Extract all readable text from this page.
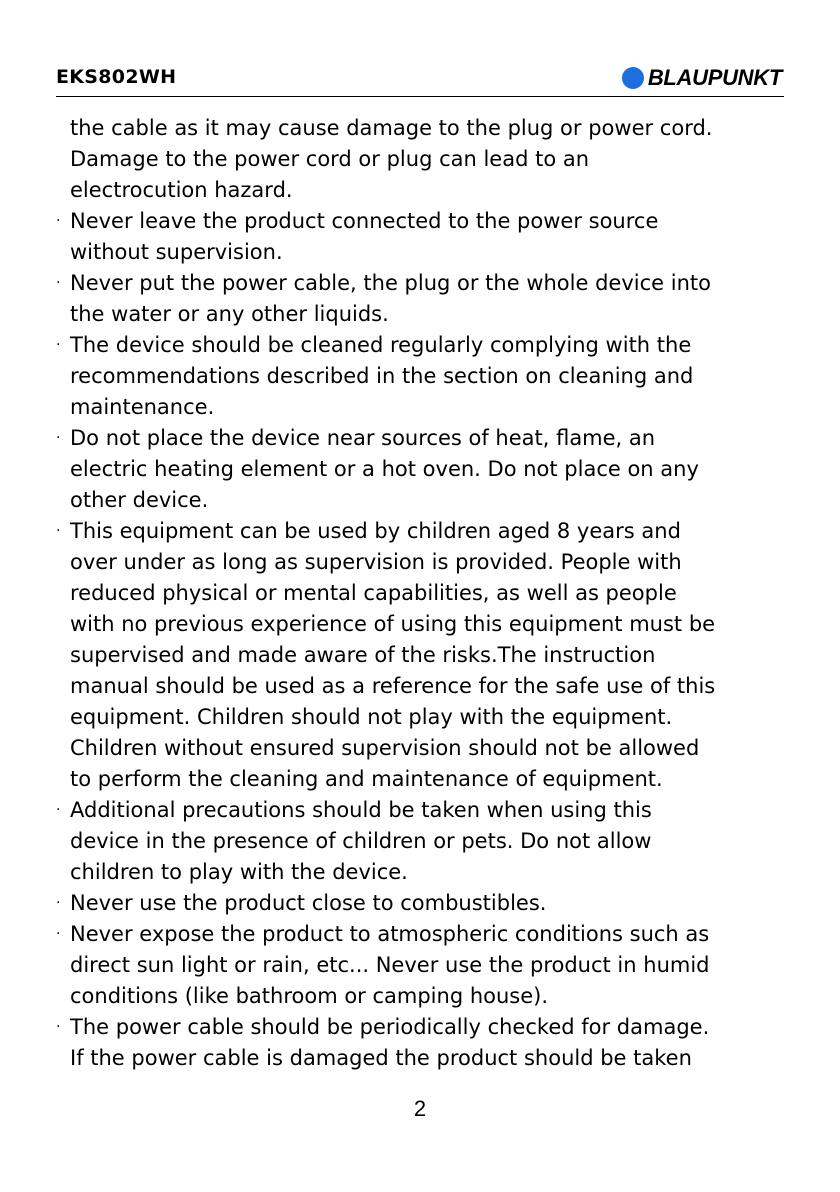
EKS802WH	BLAUPUNKT
the cable as it may cause damage to the plug or power cord.
Damage to the power cord or plug can lead to an
electrocution hazard.
· Never leave the product connected to the power source
without supervision.
· Never put the power cable, the plug or the whole device into
the water or any other liquids.
· The device should be cleaned regularly complying with the
recommendations described in the section on cleaning and
maintenance.
· Do not place the device near sources of heat, flame, an
electric heating element or a hot oven. Do not place on any
other device.
· This equipment can be used by children aged 8 years and
over under as long as supervision is provided. People with
reduced physical or mental capabilities, as well as people
with no previous experience of using this equipment must be
supervised and made aware of the risks.The instruction
manual should be used as a reference for the safe use of this
equipment. Children should not play with the equipment.
Children without ensured supervision should not be allowed
to perform the cleaning and maintenance of equipment.
· Additional precautions should be taken when using this
device in the presence of children or pets. Do not allow
children to play with the device.
· Never use the product close to combustibles.
· Never expose the product to atmospheric conditions such as
direct sun light or rain, etc... Never use the product in humid
conditions (like bathroom or camping house).
· The power cable should be periodically checked for damage.
If the power cable is damaged the product should be taken
2
